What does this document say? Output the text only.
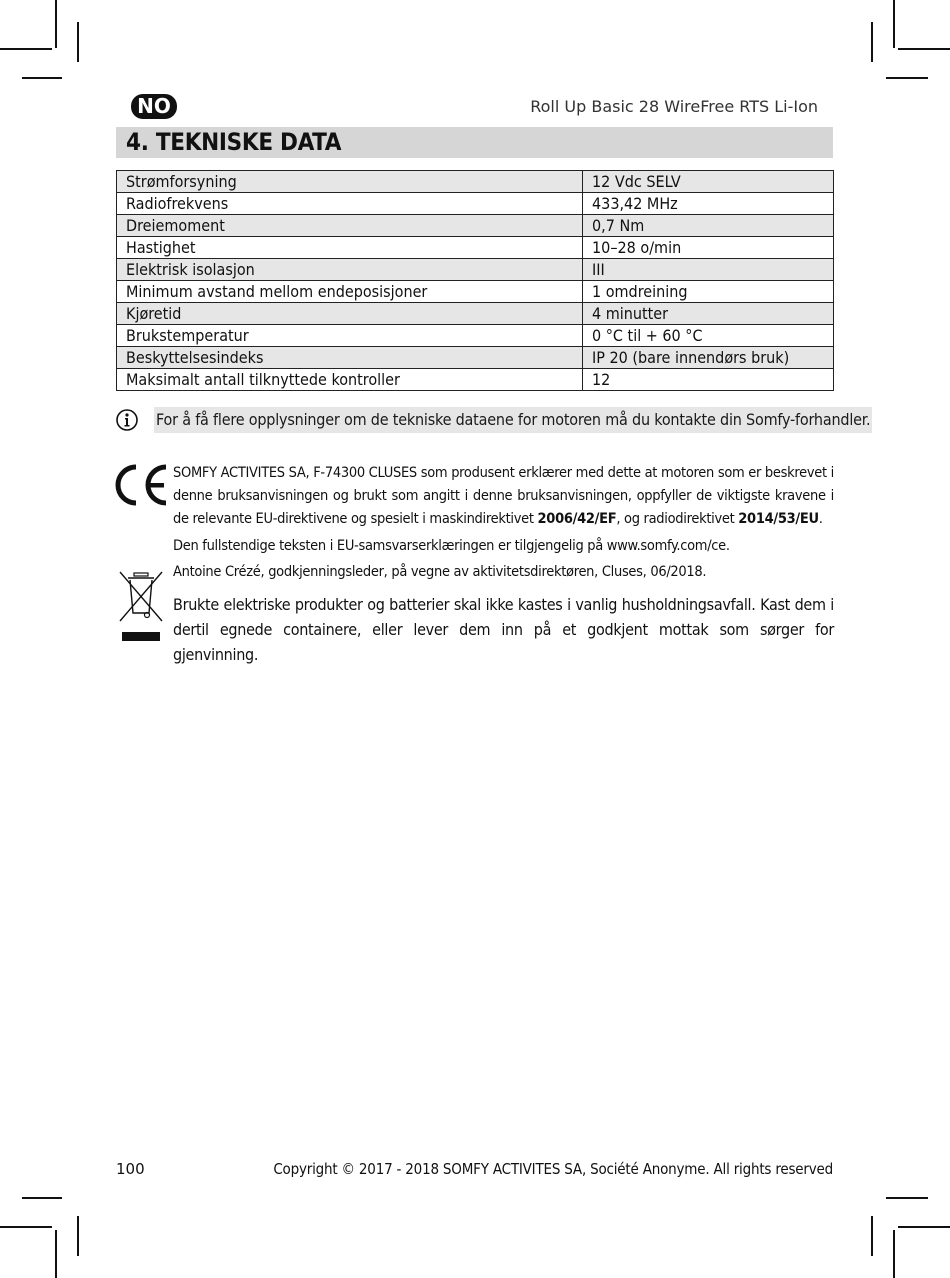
NO	Roll Up Basic 28 WireFree RTS Li-Ion
4. TEKNISKE DATA
Strømforsyning	12 Vdc SELV
Radiofrekvens	433,42 MHz
Dreiemoment	0,7 Nm
Hastighet	10–28 o/min
Elektrisk isolasjon	III
Minimum avstand mellom endeposisjoner	1 omdreining
Kjøretid	4 minutter
Brukstemperatur	0 °C til + 60 °C
Beskyttelsesindeks	IP 20 (bare innendørs bruk)
Maksimalt antall tilknyttede kontroller	12
For å få flere opplysninger om de tekniske dataene for motoren må du kontakte din Somfy-forhandler.
SOMFY ACTIVITES SA, F-74300 CLUSES som produsent erklærer med dette at motoren som er beskrevet i denne bruksanvisningen og brukt som angitt i denne bruksanvisningen, oppfyller de viktigste kravene i de relevante EU-direktivene og spesielt i maskindirektivet 2006/42/EF, og radiodirektivet 2014/53/EU.
Den fullstendige teksten i EU-samsvarserklæringen er tilgjengelig på www.somfy.com/ce.
Antoine Crézé, godkjenningsleder, på vegne av aktivitetsdirektøren, Cluses, 06/2018.
Brukte elektriske produkter og batterier skal ikke kastes i vanlig husholdningsavfall. Kast dem i dertil egnede containere, eller lever dem inn på et godkjent mottak som sørger for gjenvinning.
100	Copyright © 2017 - 2018 SOMFY ACTIVITES SA, Société Anonyme. All rights reserved
